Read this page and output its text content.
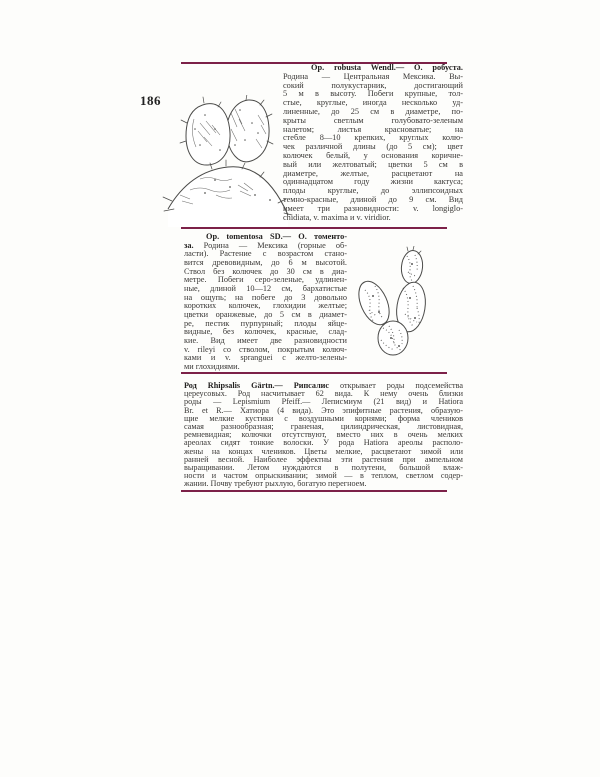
186
Op. robusta Wendl.— О. робуста.
Родина — Центральная Мексика. Вы-
сокий полукустарник, достигающий
5 м в высоту. Побеги крупные, тол-
стые, круглые, иногда несколько уд-
линенные, до 25 см в диаметре, по-
крыты светлым голубовато-зеленым
налетом; листья красноватые; на
стебле 8—10 крепких, круглых колю-
чек различной длины (до 5 см); цвет
колючек белый, у основания коричне-
вый или желтоватый; цветки 5 см в
диаметре, желтые, расцветают на
одиннадцатом году жизни кактуса;
плоды круглые, до эллипсоидных
темно-красные, длиной до 9 см. Вид
имеет три разновидности: v. longiglo-
chidiata, v. maxima и v. viridior.
Op. tomentosa SD.— О. томенто-
за. Родина — Мексика (горные об-
ласти). Растение с возрастом стано-
вится древовидным, до 6 м высотой.
Ствол без колючек до 30 см в диа-
метре. Побеги серо-зеленые, удлинен-
ные, длиной 10—12 см, бархатистые
на ощупь; на побеге до 3 довольно
коротких колючек, глохидии желтые;
цветки оранжевые, до 5 см в диамет-
ре, пестик пурпурный; плоды яйце-
видные, без колючек, красные, слад-
кие. Вид имеет две разновидности
v. rileyi со стволом, покрытым колюч-
ками и v. spranguei с желто-зелены-
ми глохидиями.
Род Rhipsalis Gärtn.— Рипсалис открывает роды подсемейства
цереусовых. Род насчитывает 62 вида. К нему очень близки
роды — Lepismium Pfeiff.— Леписмиум (21 вид) и Hatiora
Br. et R.— Хатиора (4 вида). Это эпифитные растения, образую-
щие мелкие кустики с воздушными корнями; форма члеников
самая разнообразная; граненая, цилиндрическая, листовидная,
ремневидная; колючки отсутствуют, вместо них в очень мелких
ареолах сидят тонкие волоски. У рода Hatiora ареолы располо-
жены на концах члеников. Цветы мелкие, расцветают зимой или
ранней весной. Наиболее эффектны эти растения при ампельном
выращивании. Летом нуждаются в полутени, большой влаж-
ности и частом опрыскивании; зимой — в теплом, светлом содер-
жании. Почву требуют рыхлую, богатую перегноем.
